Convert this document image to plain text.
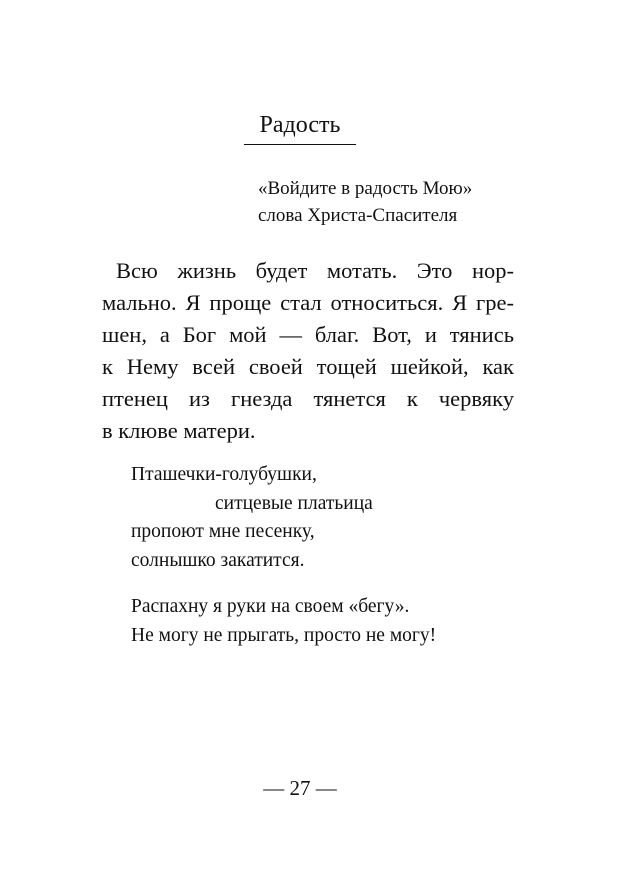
Радость
«Войдите в радость Мою»
слова Христа-Спасителя
Всю жизнь будет мотать. Это нор-
мально. Я проще стал относиться. Я гре-
шен, а Бог мой — благ. Вот, и тянись
к Нему всей своей тощей шейкой, как
птенец из гнезда тянется к червяку
в клюве матери.
Пташечки-голубушки,
ситцевые платьица
пропоют мне песенку,
солнышко закатится.
Распахну я руки на своем «бегу».
Не могу не прыгать, просто не могу!
— 27 —
